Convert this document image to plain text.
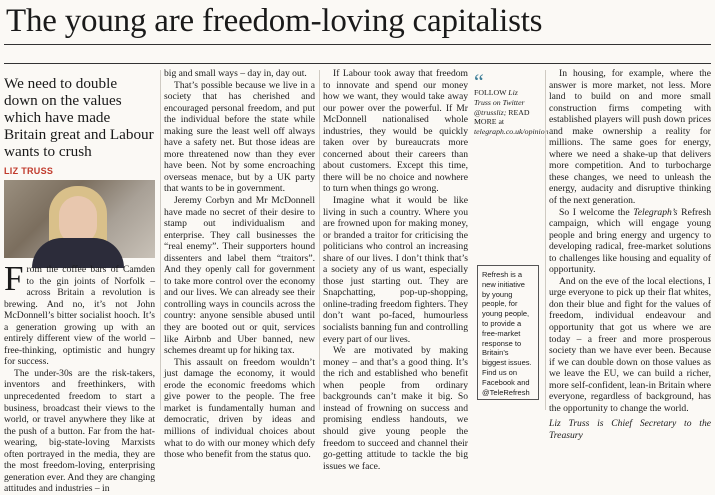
The young are freedom-loving capitalists
We need to double down on the values which have made Britain great and Labour wants to crush
LIZ TRUSS

From the coffee bars of Camden to the gin joints of Norfolk – across Britain a revolution is brewing. And no, it’s not John McDonnell’s bitter socialist hooch. It’s a generation growing up with an entirely different view of the world – free-thinking, optimistic and hungry for success.

The under-30s are the risk-takers, inventors and freethinkers, with unprecedented freedom to start a business, broadcast their views to the world, or travel anywhere they like at the push of a button. Far from the hat-wearing, big-state-loving Marxists often portrayed in the media, they are the most freedom-loving, enterprising generation ever. And they are changing attitudes and industries – in

big and small ways – day in, day out.

That’s possible because we live in a society that has cherished and encouraged personal freedom, and put the individual before the state while making sure the least well off always have a safety net. But those ideas are more threatened now than they ever have been. Not by some encroaching overseas menace, but by a UK party that wants to be in government.

Jeremy Corbyn and Mr McDonnell have made no secret of their desire to stamp out individualism and enterprise. They call businesses the “real enemy”. Their supporters hound dissenters and label them “traitors”. And they openly call for government to take more control over the economy and our lives. We can already see their controlling ways in councils across the country: anyone sensible abused until they are booted out or quit, services like Airbnb and Uber banned, new schemes dreamt up for hiking tax.

This assault on freedom wouldn’t just damage the economy, it would erode the economic freedoms which give power to the people. The free market is fundamentally human and democratic, driven by ideas and millions of individual choices about what to do with our money which defy those who benefit from the status quo.

If Labour took away that freedom to innovate and spend our money how we want, they would take away our power over the powerful. If Mr McDonnell nationalised whole industries, they would be quickly taken over by bureaucrats more concerned about their careers than about customers. Except this time, there will be no choice and nowhere to turn when things go wrong.

Imagine what it would be like living in such a country. Where you are frowned upon for making money, or branded a traitor for criticising the politicians who control an increasing share of our lives. I don’t think that’s a society any of us want, especially those just starting out. They are Snapchatting, pop-up-shopping, online-trading freedom fighters. They don’t want po-faced, humourless socialists banning fun and controlling every part of our lives.

We are motivated by making money – and that’s a good thing. It’s the rich and established who benefit when people from ordinary backgrounds can’t make it big. So instead of frowning on success and promising endless handouts, we should give young people the freedom to succeed and channel their go-getting attitude to tackle the big issues we face.

“
FOLLOW Liz Truss on Twitter @trussliz; READ MORE at telegraph.co.uk/opinion
Refresh is a new initiative by young people, for young people, to provide a free-market response to Britain’s biggest issues. Find us on Facebook and @TeleRefresh

In housing, for example, where the answer is more market, not less. More land to build on and more small construction firms competing with established players will push down prices and make ownership a reality for millions. The same goes for energy, where we need a shake-up that delivers more competition. And to turbocharge these changes, we need to unleash the energy, audacity and disruptive thinking of the next generation.

So I welcome the Telegraph’s Refresh campaign, which will engage young people and bring energy and urgency to developing radical, free-market solutions to challenges like housing and equality of opportunity.

And on the eve of the local elections, I urge everyone to pick up their flat whites, don their blue and fight for the values of freedom, individual endeavour and opportunity that got us where we are today – a freer and more prosperous society than we have ever been. Because if we can double down on those values as we leave the EU, we can build a richer, more self-confident, lean-in Britain where everyone, regardless of background, has the opportunity to change the world.

Liz Truss is Chief Secretary to the Treasury
